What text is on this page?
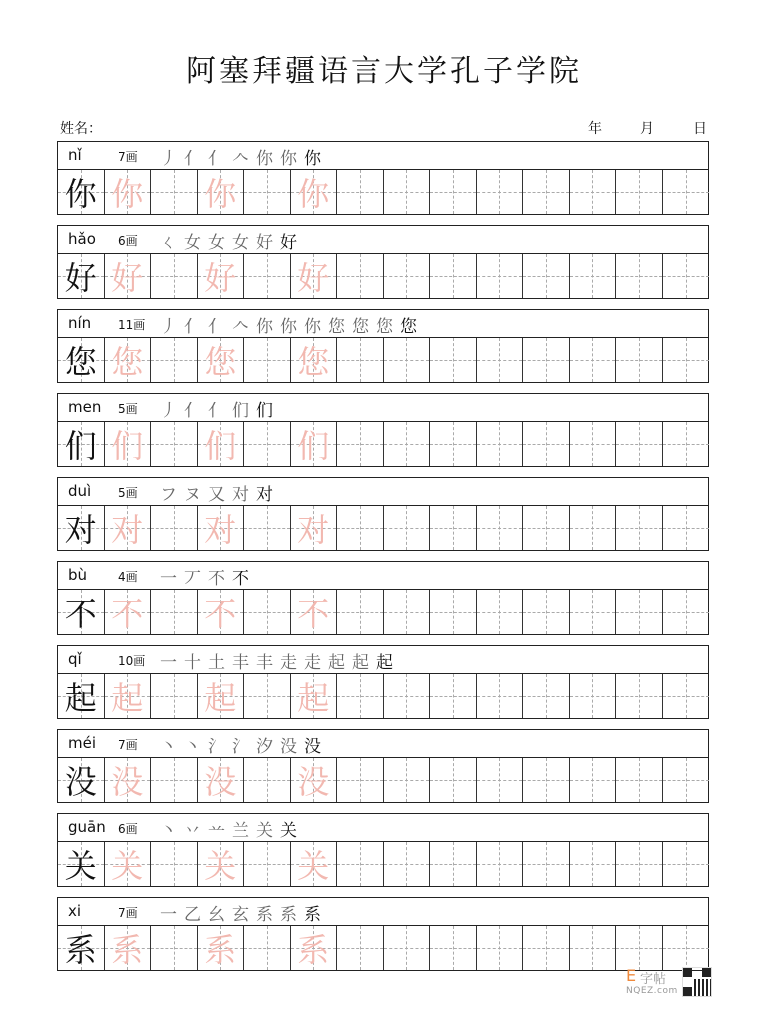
阿塞拜疆语言大学孔子学院
姓名：	年	月	日
nǐ	7画 丿 亻 亻 𠆢 你 你 你
你 你 你 你
hǎo 6画 ㄑ 女 女 女 好 好
好 好 好 好
nín 11画 丿 亻 亻 𠆢 你 你 你 您 您 您 您
您 您 您 您
men 5画 丿 亻 亻 们 们
们 们 们 们
duì 5画 フ ヌ 又 对 对
对 对 对 对
bù	4画 一 丆 不 不
不 不 不 不
qǐ	10画 一 十 土 丰 丰 走 走 起 起 起
起 起 起 起
méi 7画 丶 丶 氵 氵 汐 没 没
没 没 没 没
guān 6画 丶 丷 䒑 兰 关 关
关 关 关 关
xi	7画 一 乙 幺 玄 系 系 系
系 系 系 系
E 字帖
NQEZ.com
